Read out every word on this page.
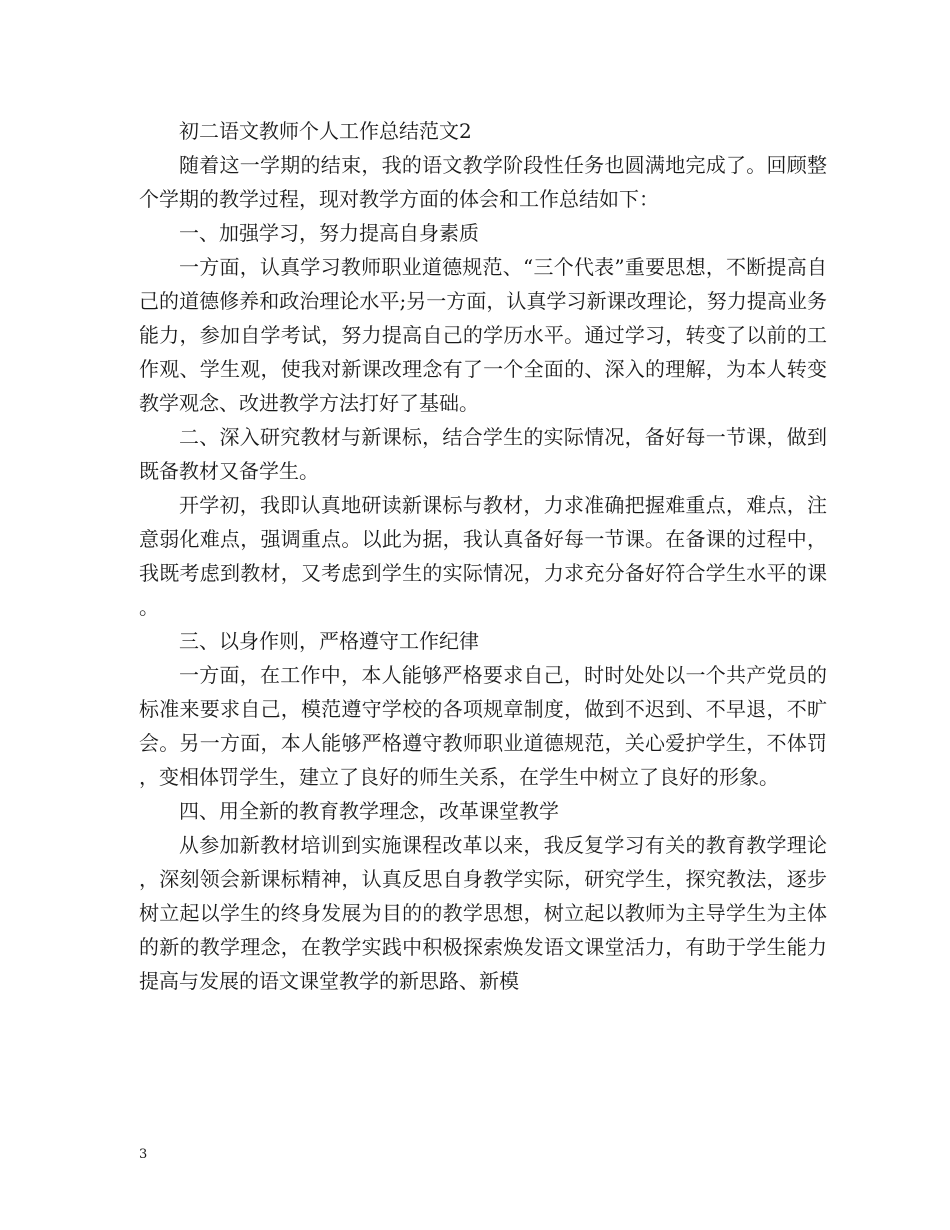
初二语文教师个人工作总结范文2

随着这一学期的结束，我的语文教学阶段性任务也圆满地完成了。回顾整个学期的教学过程，现对教学方面的体会和工作总结如下：

一、加强学习，努力提高自身素质

一方面，认真学习教师职业道德规范、“三个代表”重要思想，不断提高自己的道德修养和政治理论水平;另一方面，认真学习新课改理论，努力提高业务能力，参加自学考试，努力提高自己的学历水平。通过学习，转变了以前的工作观、学生观，使我对新课改理念有了一个全面的、深入的理解，为本人转变教学观念、改进教学方法打好了基础。

二、深入研究教材与新课标，结合学生的实际情况，备好每一节课，做到既备教材又备学生。

开学初，我即认真地研读新课标与教材，力求准确把握难重点，难点，注意弱化难点，强调重点。以此为据，我认真备好每一节课。在备课的过程中，我既考虑到教材，又考虑到学生的实际情况，力求充分备好符合学生水平的课。

三、以身作则，严格遵守工作纪律

一方面，在工作中，本人能够严格要求自己，时时处处以一个共产党员的标准来要求自己，模范遵守学校的各项规章制度，做到不迟到、不早退，不旷会。另一方面，本人能够严格遵守教师职业道德规范，关心爱护学生，不体罚，变相体罚学生，建立了良好的师生关系，在学生中树立了良好的形象。

四、用全新的教育教学理念，改革课堂教学

从参加新教材培训到实施课程改革以来，我反复学习有关的教育教学理论，深刻领会新课标精神，认真反思自身教学实际，研究学生，探究教法，逐步树立起以学生的终身发展为目的的教学思想，树立起以教师为主导学生为主体的新的教学理念，在教学实践中积极探索焕发语文课堂活力，有助于学生能力提高与发展的语文课堂教学的新思路、新模

3
